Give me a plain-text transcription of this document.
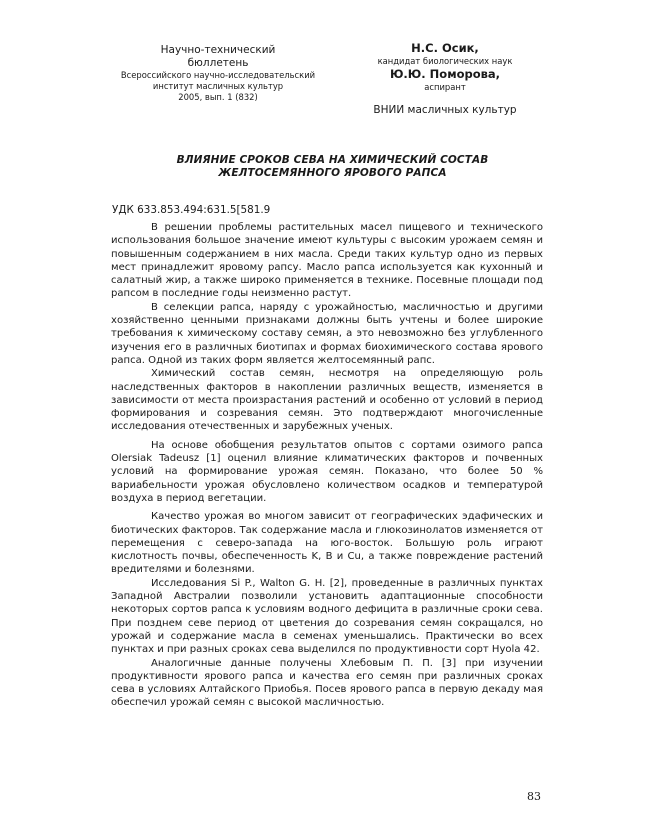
Научно-технический
бюллетень
Всероссийского научно-исследовательский
институт масличных культур
2005, вып. 1 (832)
Н.С. Осик,
кандидат биологических наук
Ю.Ю. Поморова,
аспирант
ВНИИ масличных культур
ВЛИЯНИЕ СРОКОВ СЕВА НА ХИМИЧЕСКИЙ СОСТАВ
ЖЕЛТОСЕМЯННОГО ЯРОВОГО РАПСА
УДК 633.853.494:631.5[581.9

В решении проблемы растительных масел пищевого и технического использования большое значение имеют культуры с высоким урожаем семян и повышенным содержанием в них масла. Среди таких культур одно из первых мест принадлежит яровому рапсу. Масло рапса используется как кухонный и салатный жир, а также широко применяется в технике. Посевные площади под рапсом в последние годы неизменно растут.

В селекции рапса, наряду с урожайностью, масличностью и другими хозяйственно ценными признаками должны быть учтены и более широкие требования к химическому составу семян, а это невозможно без углубленного изучения его в различных биотипах и формах биохимического состава ярового рапса. Одной из таких форм является желтосемянный рапс.

Химический состав семян, несмотря на определяющую роль наследственных факторов в накоплении различных веществ, изменяется в зависимости от места произрастания растений и особенно от условий в период формирования и созревания семян. Это подтверждают многочисленные исследования отечественных и зарубежных ученых.

На основе обобщения результатов опытов с сортами озимого рапса Olersiak Tadeusz [1] оценил влияние климатических факторов и почвенных условий на формирование урожая семян. Показано, что более 50 % вариабельности урожая обусловлено количеством осадков и температурой воздуха в период вегетации.

Качество урожая во многом зависит от географических эдафических и биотических факторов. Так содержание масла и глюкозинолатов изменяется от перемещения с северо-запада на юго-восток. Большую роль играют кислотность почвы, обеспеченность K, B и Cu, а также повреждение растений вредителями и болезнями.

Исследования Si P., Walton G. H. [2], проведенные в различных пунктах Западной Австралии позволили установить адаптационные способности некоторых сортов рапса к условиям водного дефицита в различные сроки сева. При позднем севе период от цветения до созревания семян сокращался, но урожай и содержание масла в семенах уменьшались. Практически во всех пунктах и при разных сроках сева выделился по продуктивности сорт Hyola 42.

Аналогичные данные получены Хлебовым П. П. [3] при изучении продуктивности ярового рапса и качества его семян при различных сроках сева в условиях Алтайского Приобья. Посев ярового рапса в первую декаду мая обеспечил урожай семян с высокой масличностью.

83
